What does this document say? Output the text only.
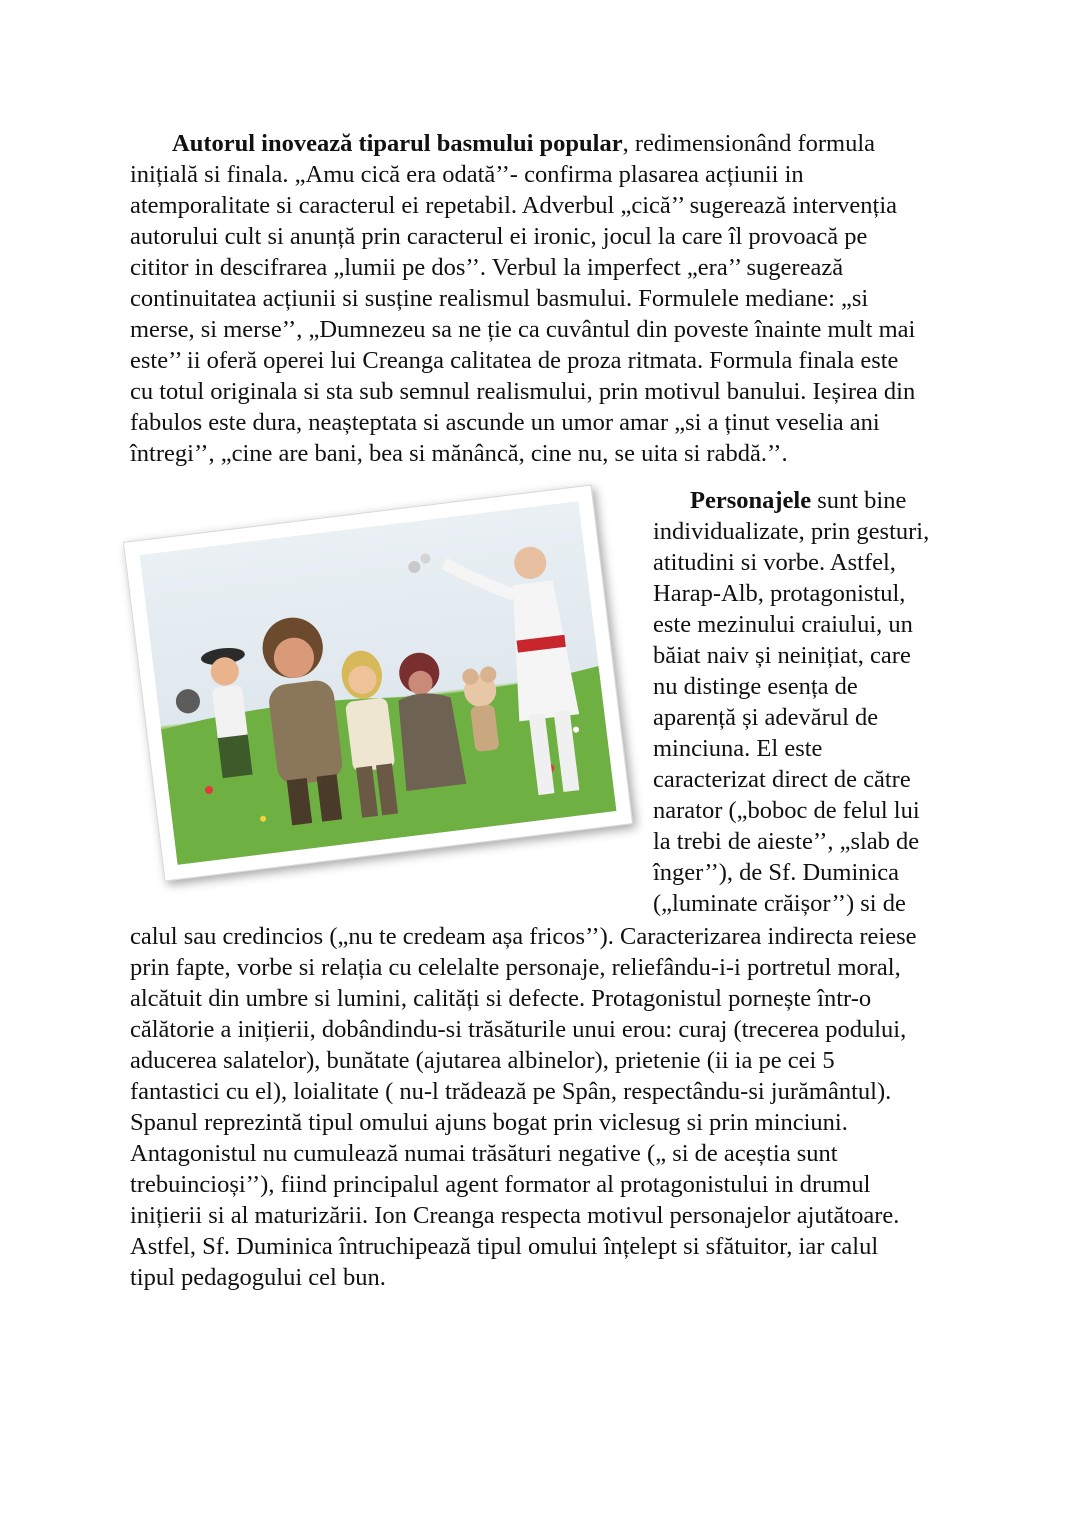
Autorul inovează tiparul basmului popular, redimensionând formula
inițială si finala. „Amu cică era odată’’- confirma plasarea acțiunii in
atemporalitate si caracterul ei repetabil. Adverbul „cică’’ sugerează intervenția
autorului cult si anunță prin caracterul ei ironic, jocul la care îl provoacă pe
cititor in descifrarea „lumii pe dos’’. Verbul la imperfect „era’’ sugerează
continuitatea acțiunii si susține realismul basmului. Formulele mediane: „si
merse, si merse’’, „Dumnezeu sa ne ție ca cuvântul din poveste înainte mult mai
este’’ ii oferă operei lui Creanga calitatea de proza ritmata. Formula finala este
cu totul originala si sta sub semnul realismului, prin motivul banului. Ieșirea din
fabulos este dura, neașteptata si ascunde un umor amar „si a ținut veselia ani
întregi’’, „cine are bani, bea si mănâncă, cine nu, se uita si rabdă.’’.
Personajele sunt bine
individualizate, prin gesturi,
atitudini si vorbe. Astfel,
Harap-Alb, protagonistul,
este mezinului craiului, un
băiat naiv și neinițiat, care
nu distinge esența de
aparență și adevărul de
minciuna. El este
caracterizat direct de către
narator („boboc de felul lui
la trebi de aieste’’, „slab de
înger’’), de Sf. Duminica
(„luminate crăișor’’) si de
calul sau credincios („nu te credeam așa fricos’’). Caracterizarea indirecta reiese
prin fapte, vorbe si relația cu celelalte personaje, reliefându-i-i portretul moral,
alcătuit din umbre si lumini, calități si defecte. Protagonistul pornește într-o
călătorie a inițierii, dobândindu-si trăsăturile unui erou: curaj (trecerea podului,
aducerea salatelor), bunătate (ajutarea albinelor), prietenie (ii ia pe cei 5
fantastici cu el), loialitate ( nu-l trădează pe Spân, respectându-si jurământul).
Spanul reprezintă tipul omului ajuns bogat prin viclesug si prin minciuni.
Antagonistul nu cumulează numai trăsături negative („ si de aceștia sunt
trebuincioși’’), fiind principalul agent formator al protagonistului in drumul
inițierii si al maturizării. Ion Creanga respecta motivul personajelor ajutătoare.
Astfel, Sf. Duminica întruchipează tipul omului înțelept si sfătuitor, iar calul
tipul pedagogului cel bun.
